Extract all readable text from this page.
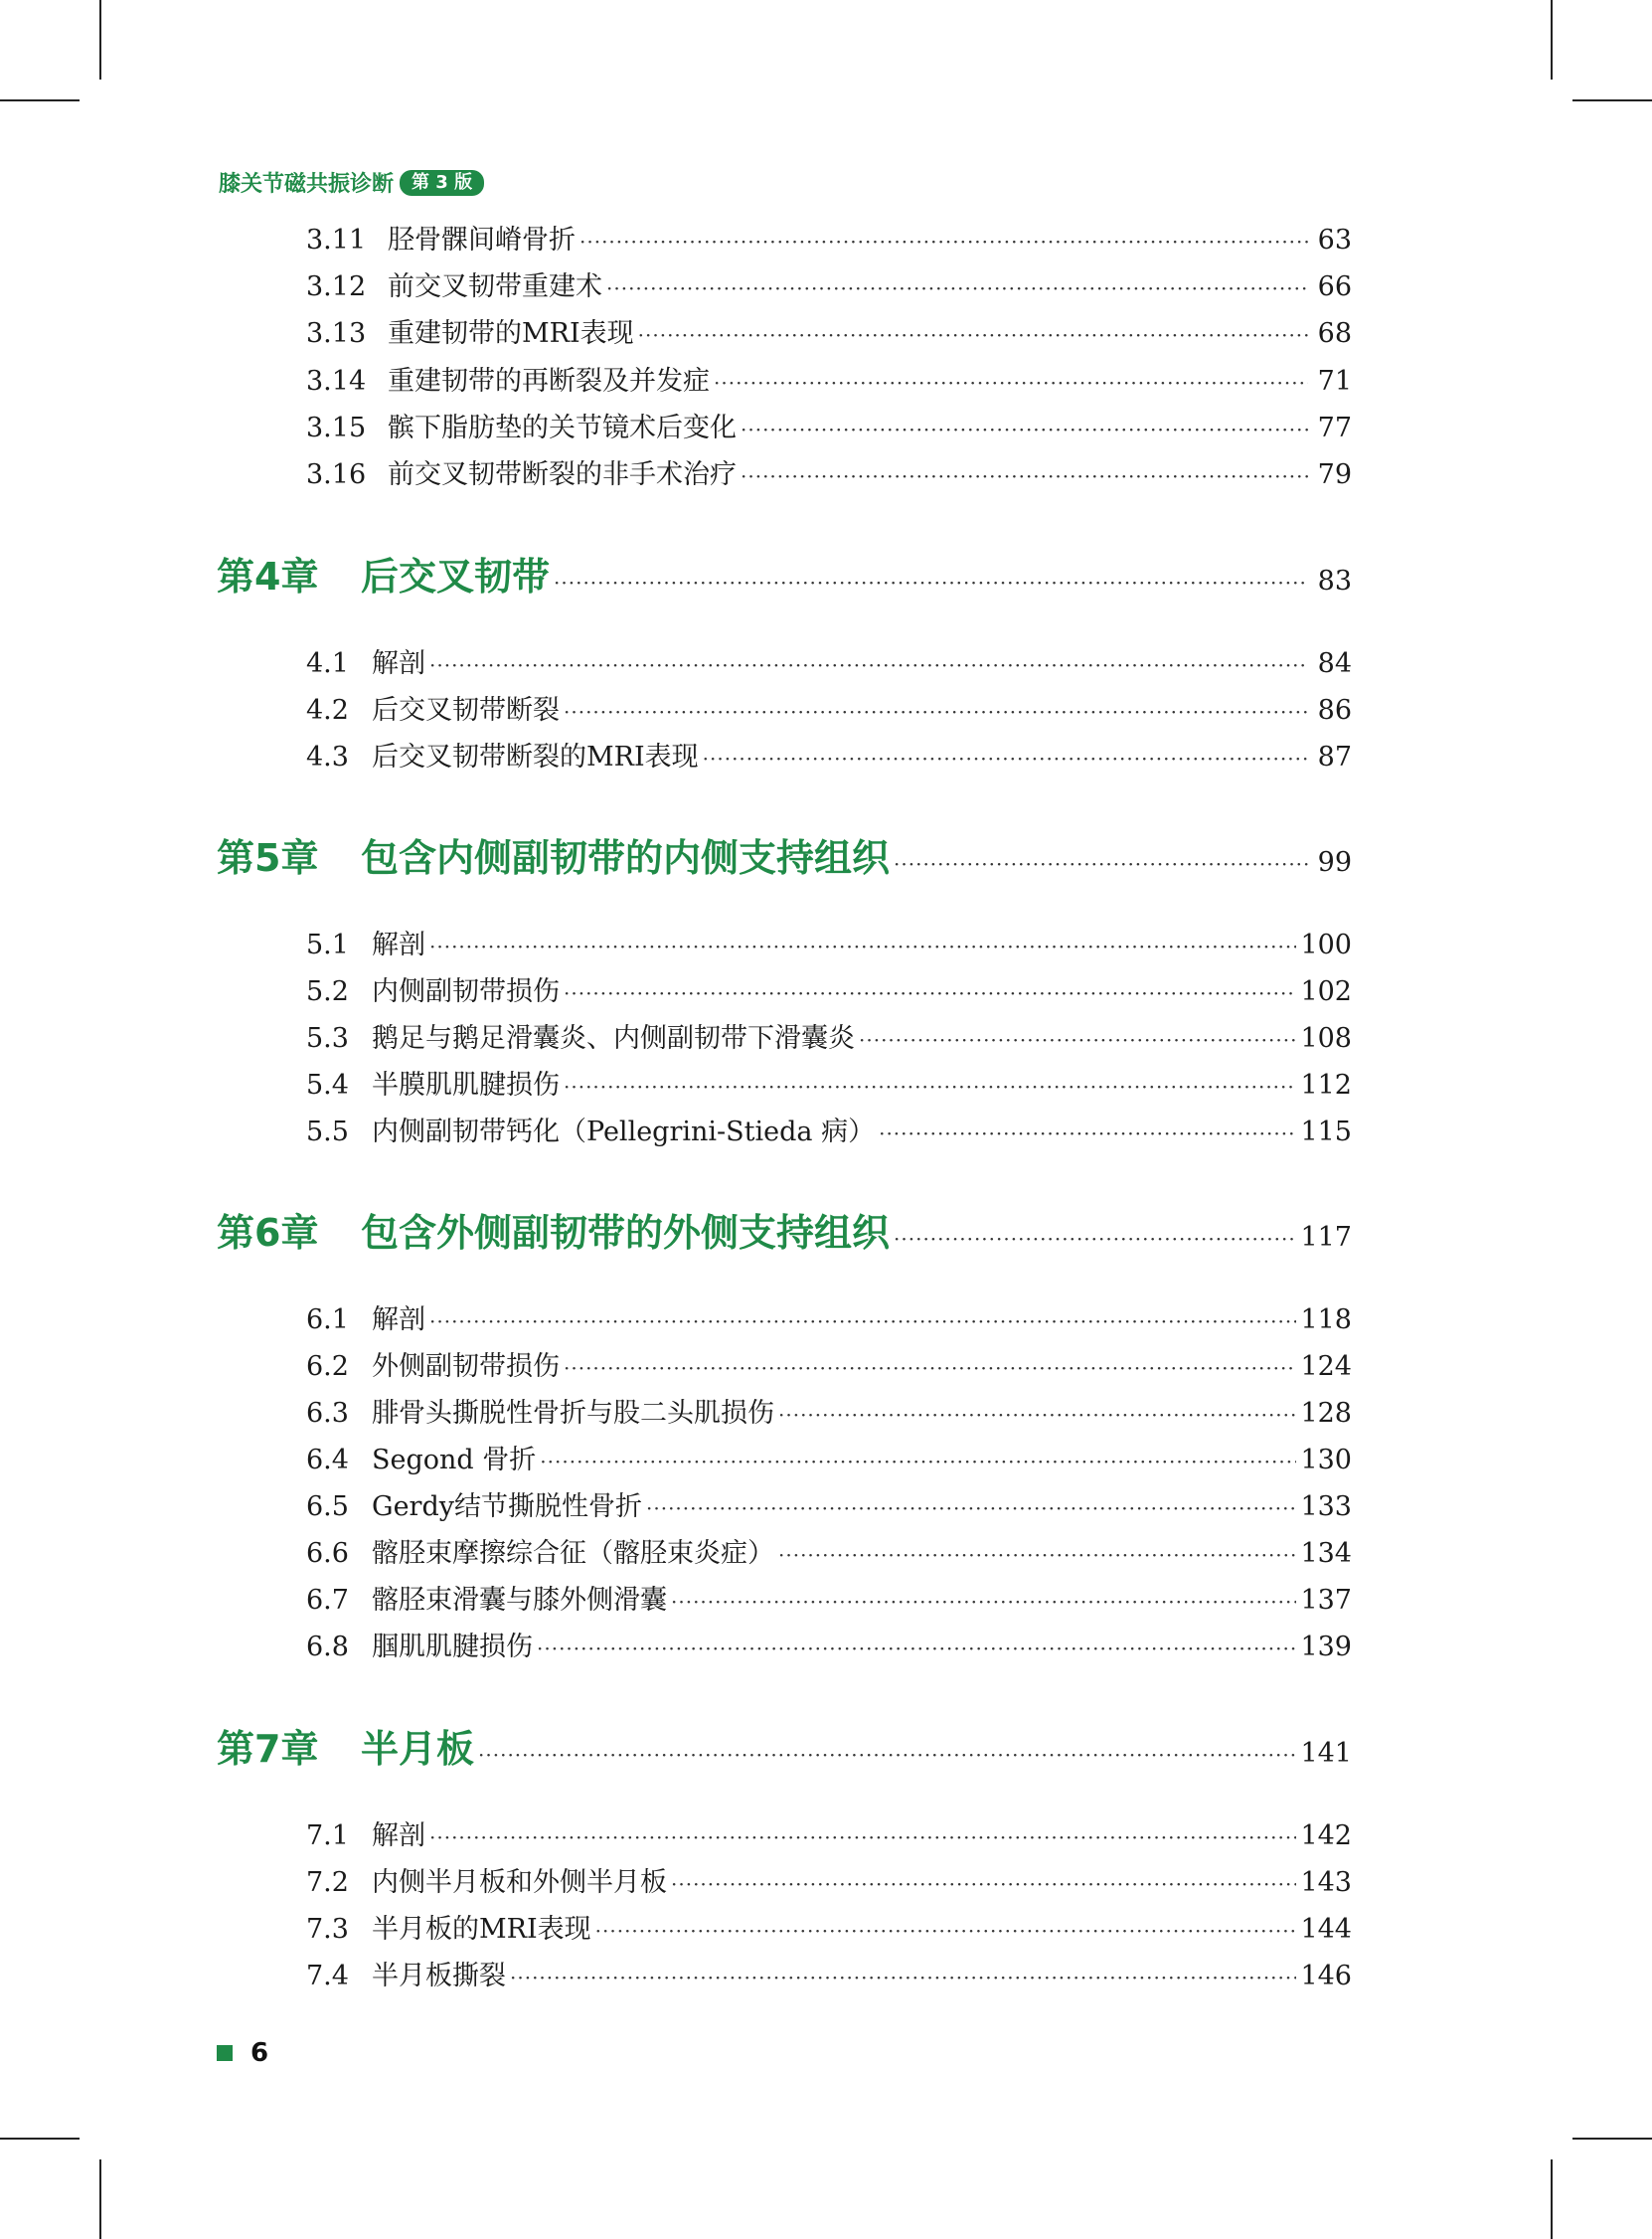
膝关节磁共振诊断	第 3 版
3.11 胫骨髁间嵴骨折 ·····	63
3.12 前交叉韧带重建术 ·····	66
3.13 重建韧带的MRI表现 ·····	68
3.14 重建韧带的再断裂及并发症 ·····	71
3.15 髌下脂肪垫的关节镜术后变化 ·····	77
3.16 前交叉韧带断裂的非手术治疗 ·····	79
第4章	后交叉韧带 ·····	83
4.1 解剖 ·····	84
4.2 后交叉韧带断裂 ·····	86
4.3 后交叉韧带断裂的MRI表现 ·····	87
第5章	包含内侧副韧带的内侧支持组织 ·····	99
5.1 解剖 ·····	100
5.2 内侧副韧带损伤 ·····	102
5.3 鹅足与鹅足滑囊炎、内侧副韧带下滑囊炎 ·····	108
5.4 半膜肌肌腱损伤 ·····	112
5.5 内侧副韧带钙化（Pellegrini-Stieda 病） ·····	115
第6章	包含外侧副韧带的外侧支持组织 ·····	117
6.1 解剖 ·····	118
6.2 外侧副韧带损伤 ·····	124
6.3 腓骨头撕脱性骨折与股二头肌损伤 ·····	128
6.4 Segond 骨折 ·····	130
6.5 Gerdy结节撕脱性骨折 ·····	133
6.6 髂胫束摩擦综合征（髂胫束炎症） ·····	134
6.7 髂胫束滑囊与膝外侧滑囊 ·····	137
6.8 腘肌肌腱损伤 ·····	139
第7章	半月板 ·····	141
7.1 解剖 ·····	142
7.2 内侧半月板和外侧半月板 ·····	143
7.3 半月板的MRI表现 ·····	144
7.4 半月板撕裂 ·····	146
6
